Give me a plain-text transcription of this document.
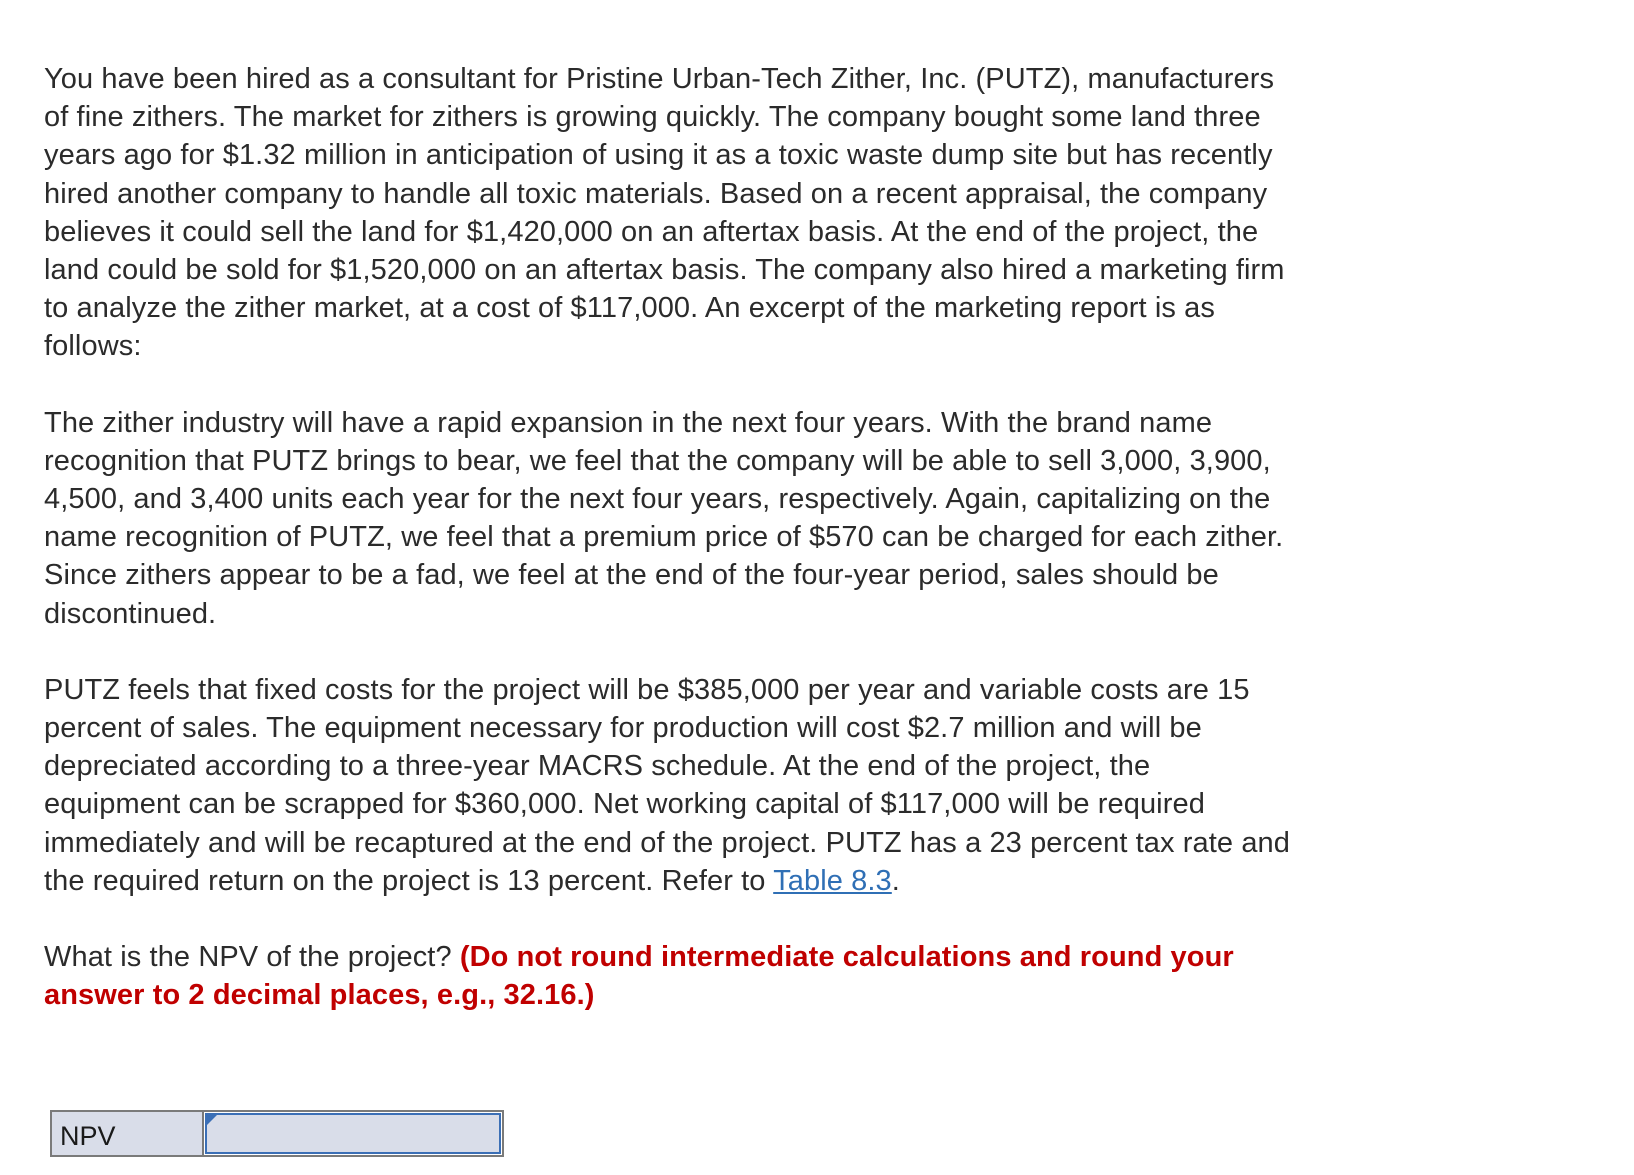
You have been hired as a consultant for Pristine Urban-Tech Zither, Inc. (PUTZ), manufacturers of fine zithers. The market for zithers is growing quickly. The company bought some land three years ago for $1.32 million in anticipation of using it as a toxic waste dump site but has recently hired another company to handle all toxic materials. Based on a recent appraisal, the company believes it could sell the land for $1,420,000 on an aftertax basis. At the end of the project, the land could be sold for $1,520,000 on an aftertax basis. The company also hired a marketing firm to analyze the zither market, at a cost of $117,000. An excerpt of the marketing report is as follows:

The zither industry will have a rapid expansion in the next four years. With the brand name recognition that PUTZ brings to bear, we feel that the company will be able to sell 3,000, 3,900, 4,500, and 3,400 units each year for the next four years, respectively. Again, capitalizing on the name recognition of PUTZ, we feel that a premium price of $570 can be charged for each zither. Since zithers appear to be a fad, we feel at the end of the four-year period, sales should be discontinued.

PUTZ feels that fixed costs for the project will be $385,000 per year and variable costs are 15 percent of sales. The equipment necessary for production will cost $2.7 million and will be depreciated according to a three-year MACRS schedule. At the end of the project, the equipment can be scrapped for $360,000. Net working capital of $117,000 will be required immediately and will be recaptured at the end of the project. PUTZ has a 23 percent tax rate and the required return on the project is 13 percent. Refer to Table 8.3.

What is the NPV of the project? (Do not round intermediate calculations and round your answer to 2 decimal places, e.g., 32.16.)

NPV
